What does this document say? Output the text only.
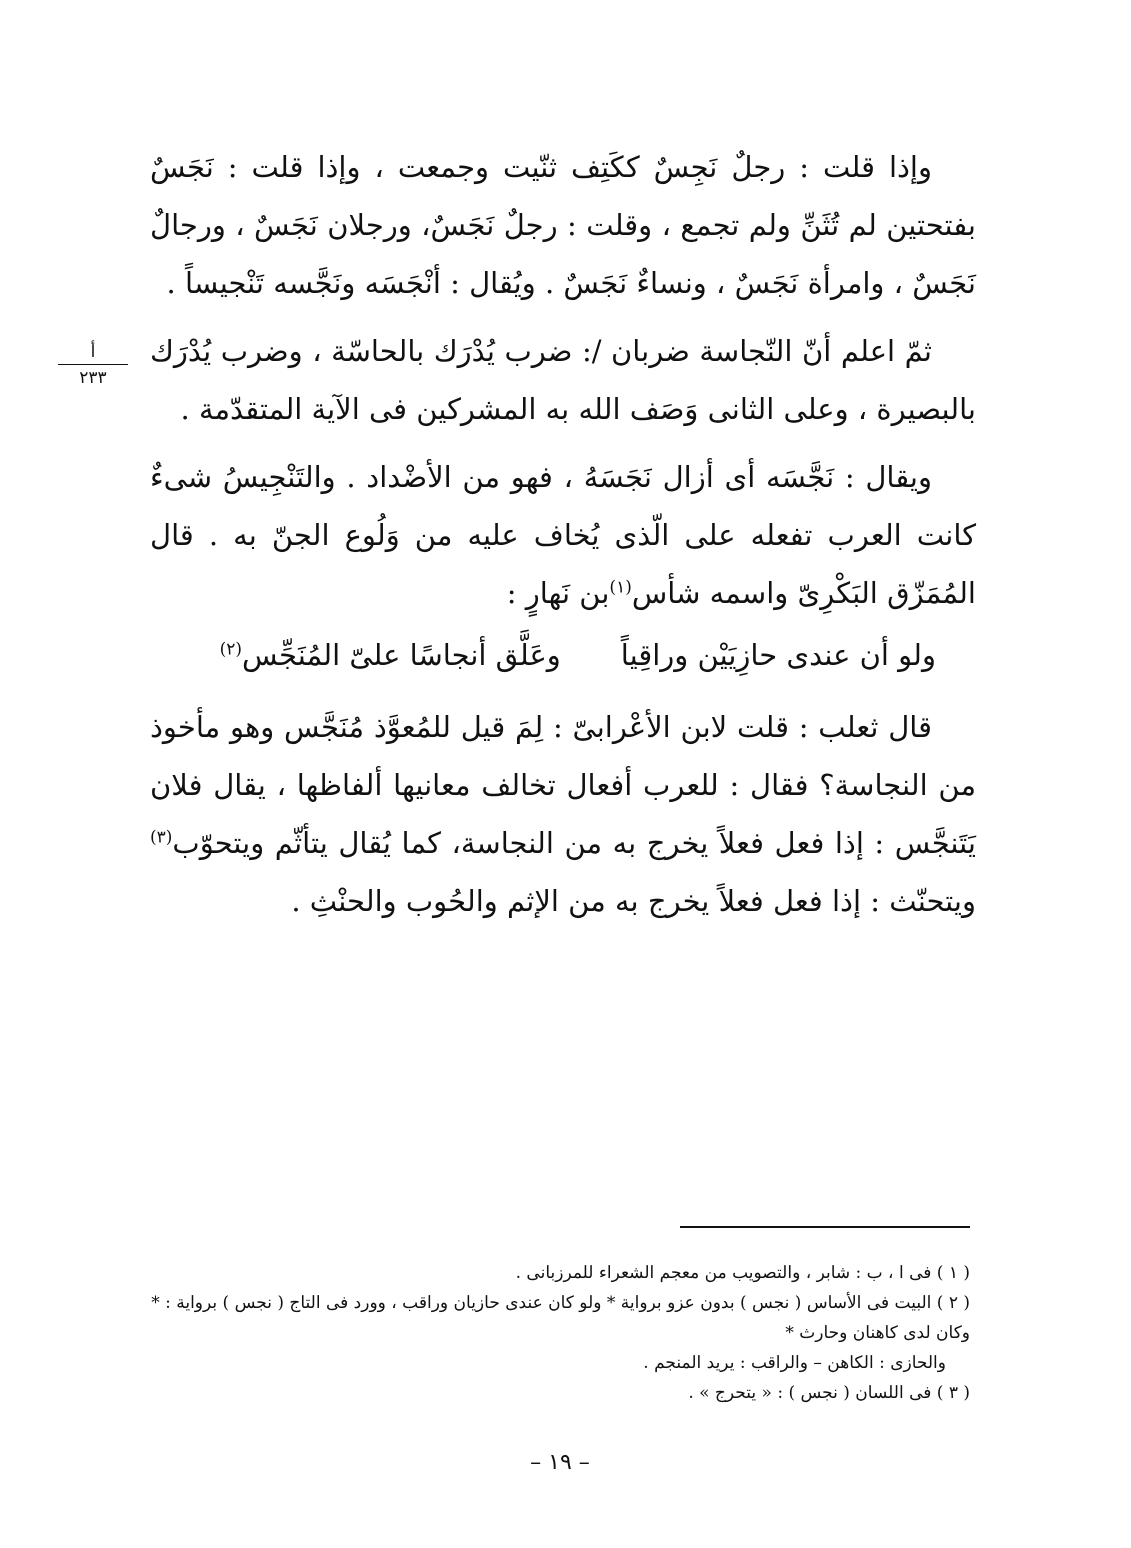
أ
٢٣٣

وإذا قلت : رجلٌ نَجِسٌ ككَتِف ثنّيت وجمعت ، وإذا قلت : نَجَسٌ بفتحتين لم تُثَنِّ ولم تجمع ، وقلت : رجلٌ نَجَسٌ، ورجلان نَجَسٌ ، ورجالٌ نَجَسٌ ، وامرأة نَجَسٌ ، ونساءٌ نَجَسٌ . ويُقال : أنْجَسَه ونَجَّسه تَنْجيساً .

ثمّ اعلم أنّ النّجاسة ضربان /: ضرب يُدْرَك بالحاسّة ، وضرب يُدْرَك بالبصيرة ، وعلى الثانى وَصَف الله به المشركين فى الآية المتقدّمة .

ويقال : نَجَّسَه أى أزال نَجَسَهُ ، فهو من الأضْداد . والتَنْجِيسُ شىءٌ كانت العرب تفعله على الّذى يُخاف عليه من وَلُوع الجنّ به . قال المُمَزّق البَكْرِىّ واسمه شأس$^{(١)}$بن نَهارٍ :

ولو أن عندى حازِيَيْن وراقِياً
وعَلَّق أنجاسًا علىّ المُنَجِّس$^{(٢)}$

قال ثعلب : قلت لابن الأعْرابىّ : لِمَ قيل للمُعوَّذ مُنَجَّس وهو مأخوذ من النجاسة؟ فقال : للعرب أفعال تخالف معانيها ألفاظها ، يقال فلان يَتَنجَّس : إذا فعل فعلاً يخرج به من النجاسة، كما يُقال يتأثّم ويتحوّب$^{(٣)}$ ويتحنّث : إذا فعل فعلاً يخرج به من الإثم والحُوب والحنْثِ .

( ١ ) فى ا ، ب : شابر ، والتصويب من معجم الشعراء للمرزبانى .

( ٢ ) البيت فى الأساس ( نجس ) بدون عزو برواية * ولو كان عندى حازيان وراقب ، وورد فى التاج ( نجس ) برواية : * وكان لدى كاهنان وحارث *

والحازى : الكاهن – والراقب : يريد المنجم .

( ٣ ) فى اللسان ( نجس ) : « يتحرج » .

– ١٩ –
